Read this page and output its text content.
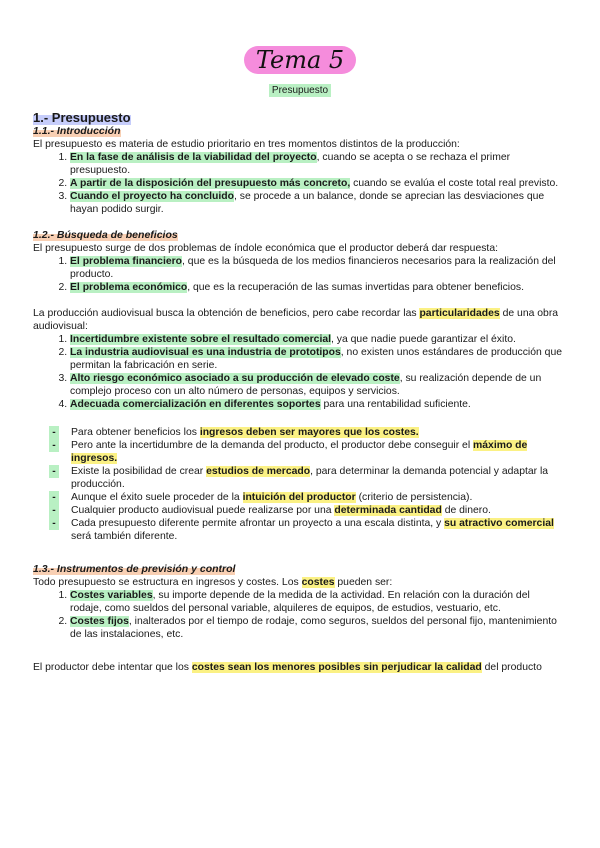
Tema 5
Presupuesto
1.- Presupuesto
1.1.- Introducción

El presupuesto es materia de estudio prioritario en tres momentos distintos de la producción:

1. En la fase de análisis de la viabilidad del proyecto, cuando se acepta o se rechaza el primer presupuesto.
2. A partir de la disposición del presupuesto más concreto, cuando se evalúa el coste total real previsto.
3. Cuando el proyecto ha concluido, se procede a un balance, donde se aprecian las desviaciones que hayan podido surgir.
1.2.- Búsqueda de beneficios

El presupuesto surge de dos problemas de índole económica que el productor deberá dar respuesta:

1. El problema financiero, que es la búsqueda de los medios financieros necesarios para la realización del producto.
2. El problema económico, que es la recuperación de las sumas invertidas para obtener beneficios.

La producción audiovisual busca la obtención de beneficios, pero cabe recordar las particularidades de una obra audiovisual:

1. Incertidumbre existente sobre el resultado comercial, ya que nadie puede garantizar el éxito.
2. La industria audiovisual es una industria de prototipos, no existen unos estándares de producción que permitan la fabricación en serie.
3. Alto riesgo económico asociado a su producción de elevado coste, su realización depende de un complejo proceso con un alto número de personas, equipos y servicios.
4. Adecuada comercialización en diferentes soportes para una rentabilidad suficiente.
-	Para obtener beneficios los ingresos deben ser mayores que los costes.
-	Pero ante la incertidumbre de la demanda del producto, el productor debe conseguir el máximo de ingresos.
-	Existe la posibilidad de crear estudios de mercado, para determinar la demanda potencial y adaptar la producción.
-	Aunque el éxito suele proceder de la intuición del productor (criterio de persistencia).
-	Cualquier producto audiovisual puede realizarse por una determinada cantidad de dinero.
-	Cada presupuesto diferente permite afrontar un proyecto a una escala distinta, y su atractivo comercial será también diferente.
1.3.- Instrumentos de previsión y control

Todo presupuesto se estructura en ingresos y costes. Los costes pueden ser:

1. Costes variables, su importe depende de la medida de la actividad. En relación con la duración del rodaje, como sueldos del personal variable, alquileres de equipos, de estudios, vestuario, etc.
2. Costes fijos, inalterados por el tiempo de rodaje, como seguros, sueldos del personal fijo, mantenimiento de las instalaciones, etc.

El productor debe intentar que los costes sean los menores posibles sin perjudicar la calidad del producto
